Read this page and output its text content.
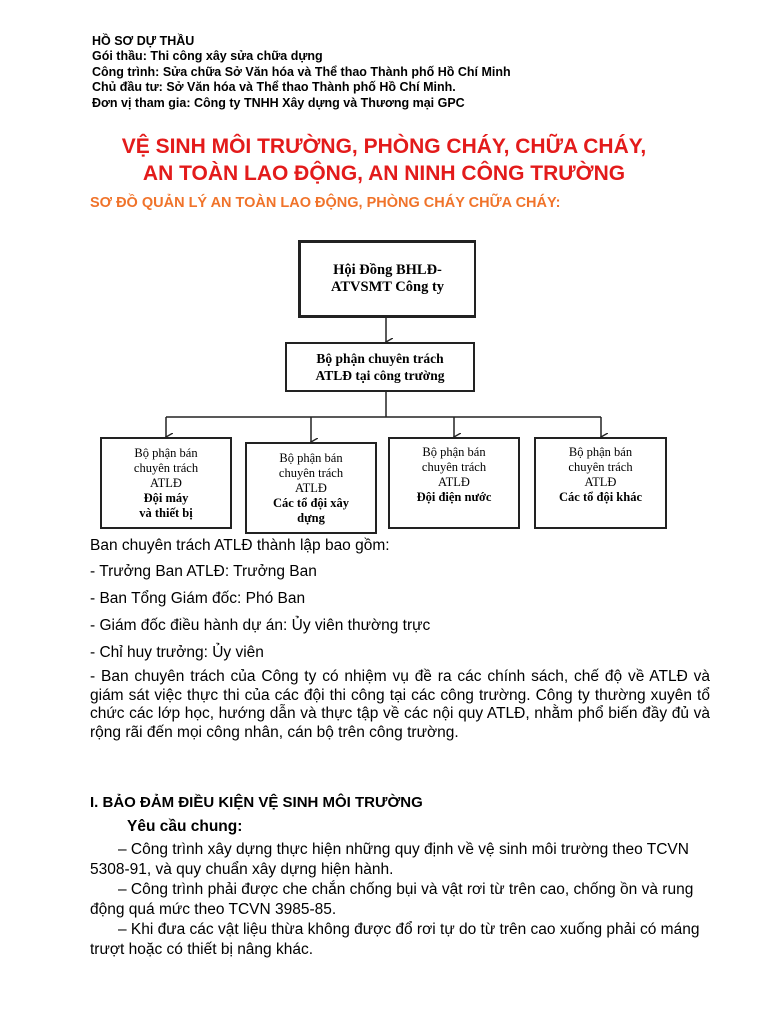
HỒ SƠ DỰ THẦU
Gói thầu: Thi công xây sửa chữa dựng
Công trình: Sửa chữa Sở Văn hóa và Thể thao Thành phố Hồ Chí Minh
Chủ đầu tư: Sở Văn hóa và Thể thao Thành phố Hồ Chí Minh.
Đơn vị tham gia: Công ty TNHH Xây dựng và Thương mại GPC
VỆ SINH MÔI TRƯỜNG, PHÒNG CHÁY, CHỮA CHÁY,
AN TOÀN LAO ĐỘNG, AN NINH CÔNG TRƯỜNG
SƠ ĐỒ QUẢN LÝ AN TOÀN LAO ĐỘNG, PHÒNG CHÁY CHỮA CHÁY:
Hội Đồng BHLĐ-
ATVSMT Công ty
Bộ phận chuyên trách
ATLĐ tại công trường
Bộ phận bán
chuyên trách
ATLĐ
Đội máy
và thiết bị
Bộ phận bán
chuyên trách
ATLĐ
Các tổ đội xây
dựng
Bộ phận bán
chuyên trách
ATLĐ
Đội điện nước
Bộ phận bán
chuyên trách
ATLĐ
Các tổ đội khác
Ban chuyên trách ATLĐ thành lập bao gồm:
- Trưởng Ban ATLĐ: Trưởng Ban
- Ban Tổng Giám đốc: Phó Ban
- Giám đốc điều hành dự án: Ủy viên thường trực
- Chỉ huy trưởng: Ủy viên
- Ban chuyên trách của Công ty có nhiệm vụ đề ra các chính sách, chế độ về ATLĐ và giám sát việc thực thi của các đội thi công tại các công trường. Công ty thường xuyên tổ chức các lớp học, hướng dẫn và thực tập về các nội quy ATLĐ, nhằm phổ biến đầy đủ và rộng rãi đến mọi công nhân, cán bộ trên công trường.
I. BẢO ĐẢM ĐIỀU KIỆN VỆ SINH MÔI TRƯỜNG
Yêu cầu chung:
– Công trình xây dựng thực hiện những quy định về vệ sinh môi trường theo TCVN 5308-91, và quy chuẩn xây dựng hiện hành.
– Công trình phải được che chắn chống bụi và vật rơi từ trên cao, chống ồn và rung động quá mức theo TCVN 3985-85.
– Khi đưa các vật liệu thừa không được đổ rơi tự do từ trên cao xuống phải có máng trượt hoặc có thiết bị nâng khác.
